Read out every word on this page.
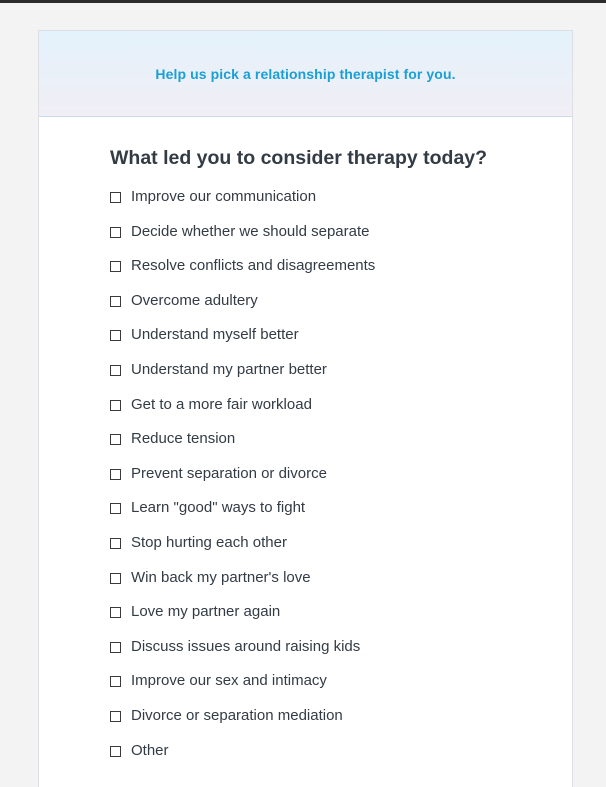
Help us pick a relationship therapist for you.
What led you to consider therapy today?
Improve our communication
Decide whether we should separate
Resolve conflicts and disagreements
Overcome adultery
Understand myself better
Understand my partner better
Get to a more fair workload
Reduce tension
Prevent separation or divorce
Learn "good" ways to fight
Stop hurting each other
Win back my partner's love
Love my partner again
Discuss issues around raising kids
Improve our sex and intimacy
Divorce or separation mediation
Other
